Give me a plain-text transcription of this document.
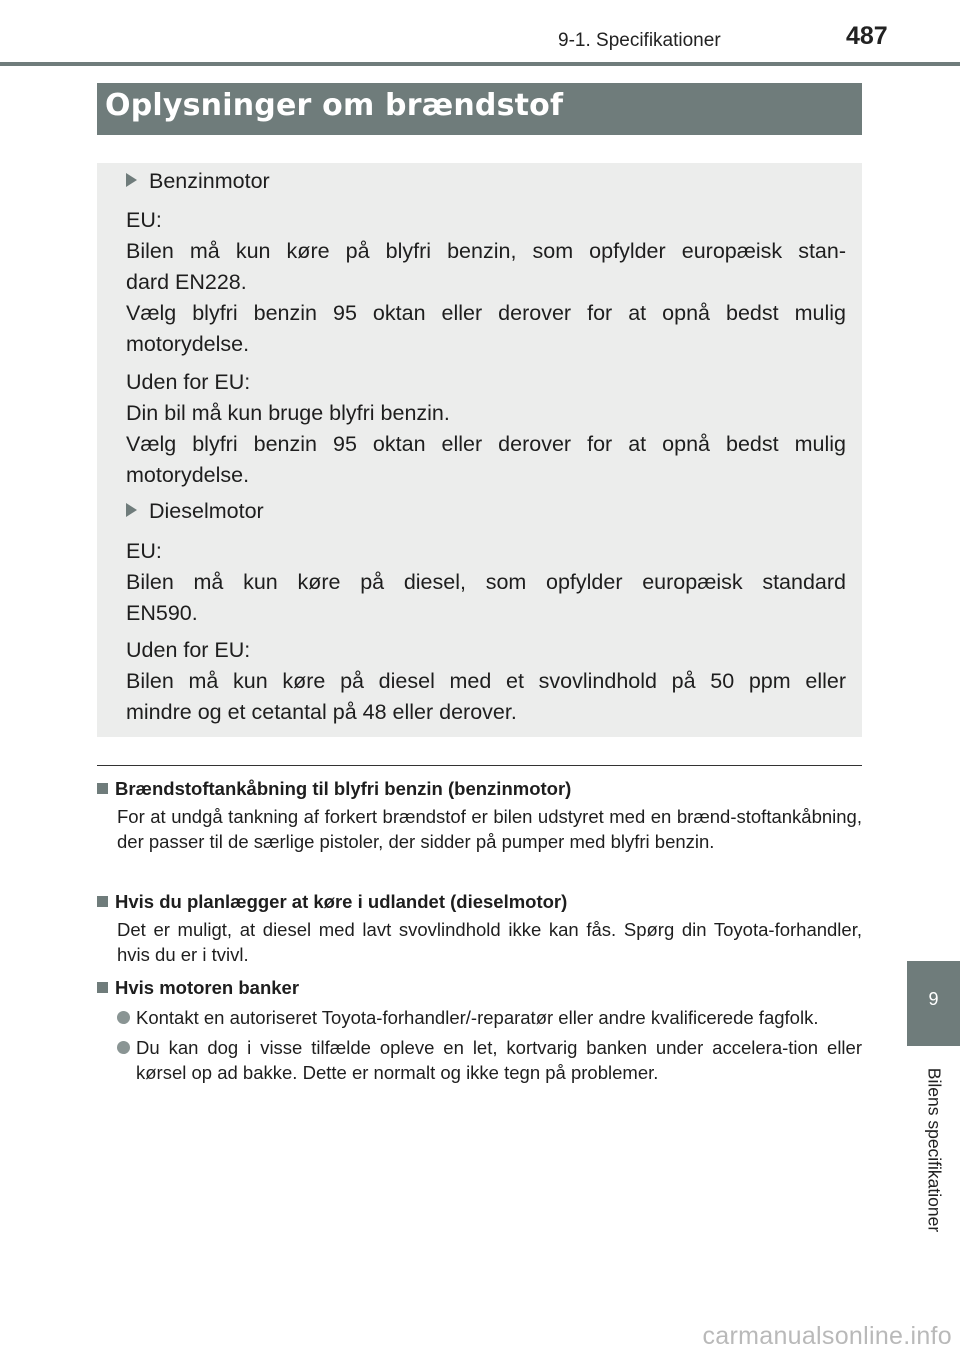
9-1. Specifikationer	487
Oplysninger om brændstof
Benzinmotor
EU:
Bilen må kun køre på blyfri benzin, som opfylder europæisk stan-
dard EN228.
Vælg blyfri benzin 95 oktan eller derover for at opnå bedst mulig
motorydelse.
Uden for EU:
Din bil må kun bruge blyfri benzin.
Vælg blyfri benzin 95 oktan eller derover for at opnå bedst mulig
motorydelse.
Dieselmotor
EU:
Bilen må kun køre på diesel, som opfylder europæisk standard
EN590.
Uden for EU:
Bilen må kun køre på diesel med et svovlindhold på 50 ppm eller
mindre og et cetantal på 48 eller derover.
Brændstoftankåbning til blyfri benzin (benzinmotor)
For at undgå tankning af forkert brændstof er bilen udstyret med en brænd-stoftankåbning, der passer til de særlige pistoler, der sidder på pumper med blyfri benzin.
Hvis du planlægger at køre i udlandet (dieselmotor)
Det er muligt, at diesel med lavt svovlindhold ikke kan fås. Spørg din Toyota-forhandler, hvis du er i tvivl.
Hvis motoren banker
Kontakt en autoriseret Toyota-forhandler/-reparatør eller andre kvalificerede fagfolk.
Du kan dog i visse tilfælde opleve en let, kortvarig banken under accelera-tion eller kørsel op ad bakke. Dette er normalt og ikke tegn på problemer.
9
Bilens specifikationer
carmanualsonline.info
